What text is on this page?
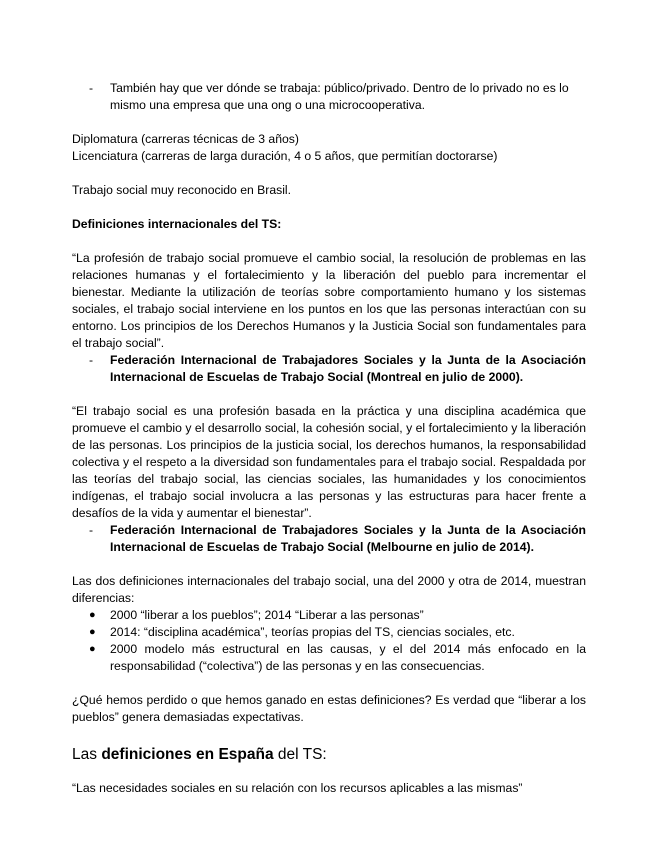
- También hay que ver dónde se trabaja: público/privado. Dentro de lo privado no es lo mismo una empresa que una ong o una microcooperativa.

Diplomatura (carreras técnicas de 3 años)

Licenciatura (carreras de larga duración, 4 o 5 años, que permitían doctorarse)

Trabajo social muy reconocido en Brasil.

Definiciones internacionales del TS:

“La profesión de trabajo social promueve el cambio social, la resolución de problemas en las relaciones humanas y el fortalecimiento y la liberación del pueblo para incrementar el bienestar. Mediante la utilización de teorías sobre comportamiento humano y los sistemas sociales, el trabajo social interviene en los puntos en los que las personas interactúan con su entorno. Los principios de los Derechos Humanos y la Justicia Social son fundamentales para el trabajo social”.

- Federación Internacional de Trabajadores Sociales y la Junta de la Asociación Internacional de Escuelas de Trabajo Social (Montreal en julio de 2000).

“El trabajo social es una profesión basada en la práctica y una disciplina académica que promueve el cambio y el desarrollo social, la cohesión social, y el fortalecimiento y la liberación de las personas. Los principios de la justicia social, los derechos humanos, la responsabilidad colectiva y el respeto a la diversidad son fundamentales para el trabajo social. Respaldada por las teorías del trabajo social, las ciencias sociales, las humanidades y los conocimientos indígenas, el trabajo social involucra a las personas y las estructuras para hacer frente a desafíos de la vida y aumentar el bienestar”.

- Federación Internacional de Trabajadores Sociales y la Junta de la Asociación Internacional de Escuelas de Trabajo Social (Melbourne en julio de 2014).

Las dos definiciones internacionales del trabajo social, una del 2000 y otra de 2014, muestran diferencias:

● 2000 “liberar a los pueblos”; 2014 “Liberar a las personas”

● 2014: “disciplina académica”, teorías propias del TS, ciencias sociales, etc.

● 2000 modelo más estructural en las causas, y el del 2014 más enfocado en la responsabilidad (“colectiva”) de las personas y en las consecuencias.

¿Qué hemos perdido o que hemos ganado en estas definiciones? Es verdad que “liberar a los pueblos” genera demasiadas expectativas.

Las definiciones en España del TS:

“Las necesidades sociales en su relación con los recursos aplicables a las mismas”
